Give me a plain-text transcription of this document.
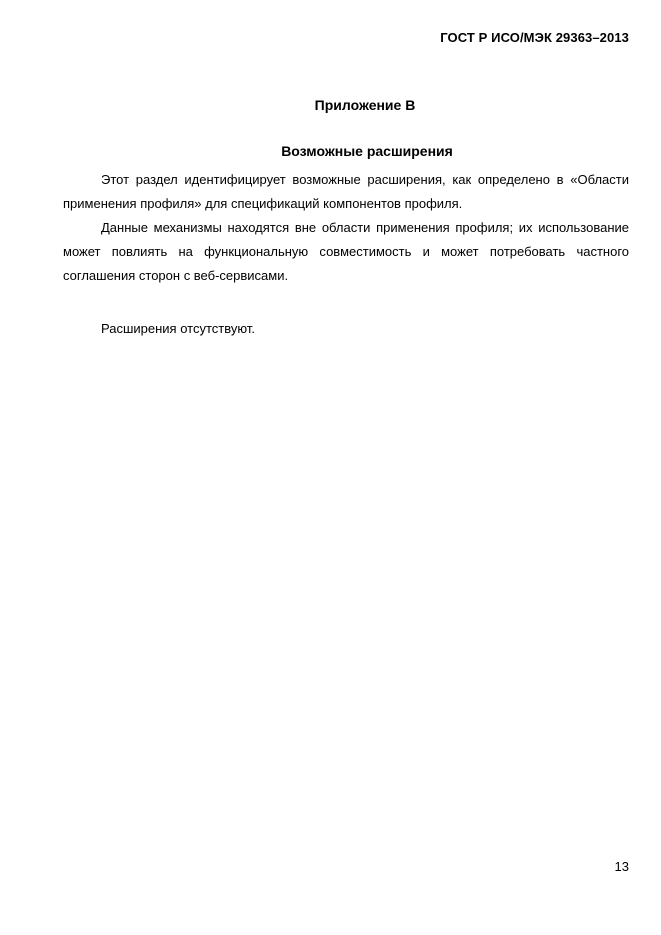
ГОСТ Р ИСО/МЭК 29363–2013
Приложение В
Возможные расширения

Этот раздел идентифицирует возможные расширения, как определено в «Области применения профиля» для спецификаций компонентов профиля.

Данные механизмы находятся вне области применения профиля; их использование может повлиять на функциональную совместимость и может потребовать частного соглашения сторон с веб-сервисами.

Расширения отсутствуют.

13
